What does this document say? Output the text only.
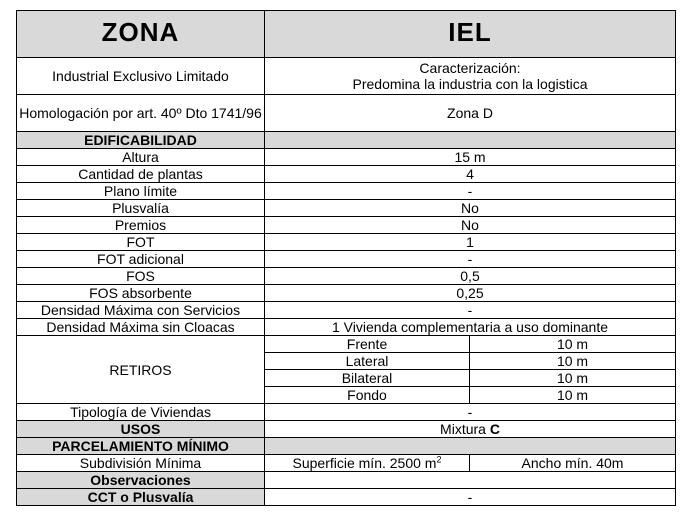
ZONA	IEL	
Industrial Exclusivo Limitado	Caracterización:
Predomina la industria con la logistica	

Homologación por art. 40º Dto 1741/96	Zona D	
EDIFICABILIDAD		
Altura	15 m	
Cantidad de plantas	4	
Plano límite	-	
Plusvalía	No	
Premios	No	
FOT	1	
FOT adicional	-	
FOS	0,5	
FOS absorbente	0,25	
Densidad Máxima con Servicios	-	
Densidad Máxima sin Cloacas	1 Vivienda complementaria a uso dominante	
RETIROS	Frente	10 m
	Lateral	10 m
	Bilateral	10 m
	Fondo	10 m
Tipología de Viviendas	-	
USOS	Mixtura C	
PARCELAMIENTO MÍNIMO		
Subdivisión Mínima	Superficie mín. 2500 $m^2$	Ancho mín. 40m
Observaciones		
CCT o Plusvalía	-	
